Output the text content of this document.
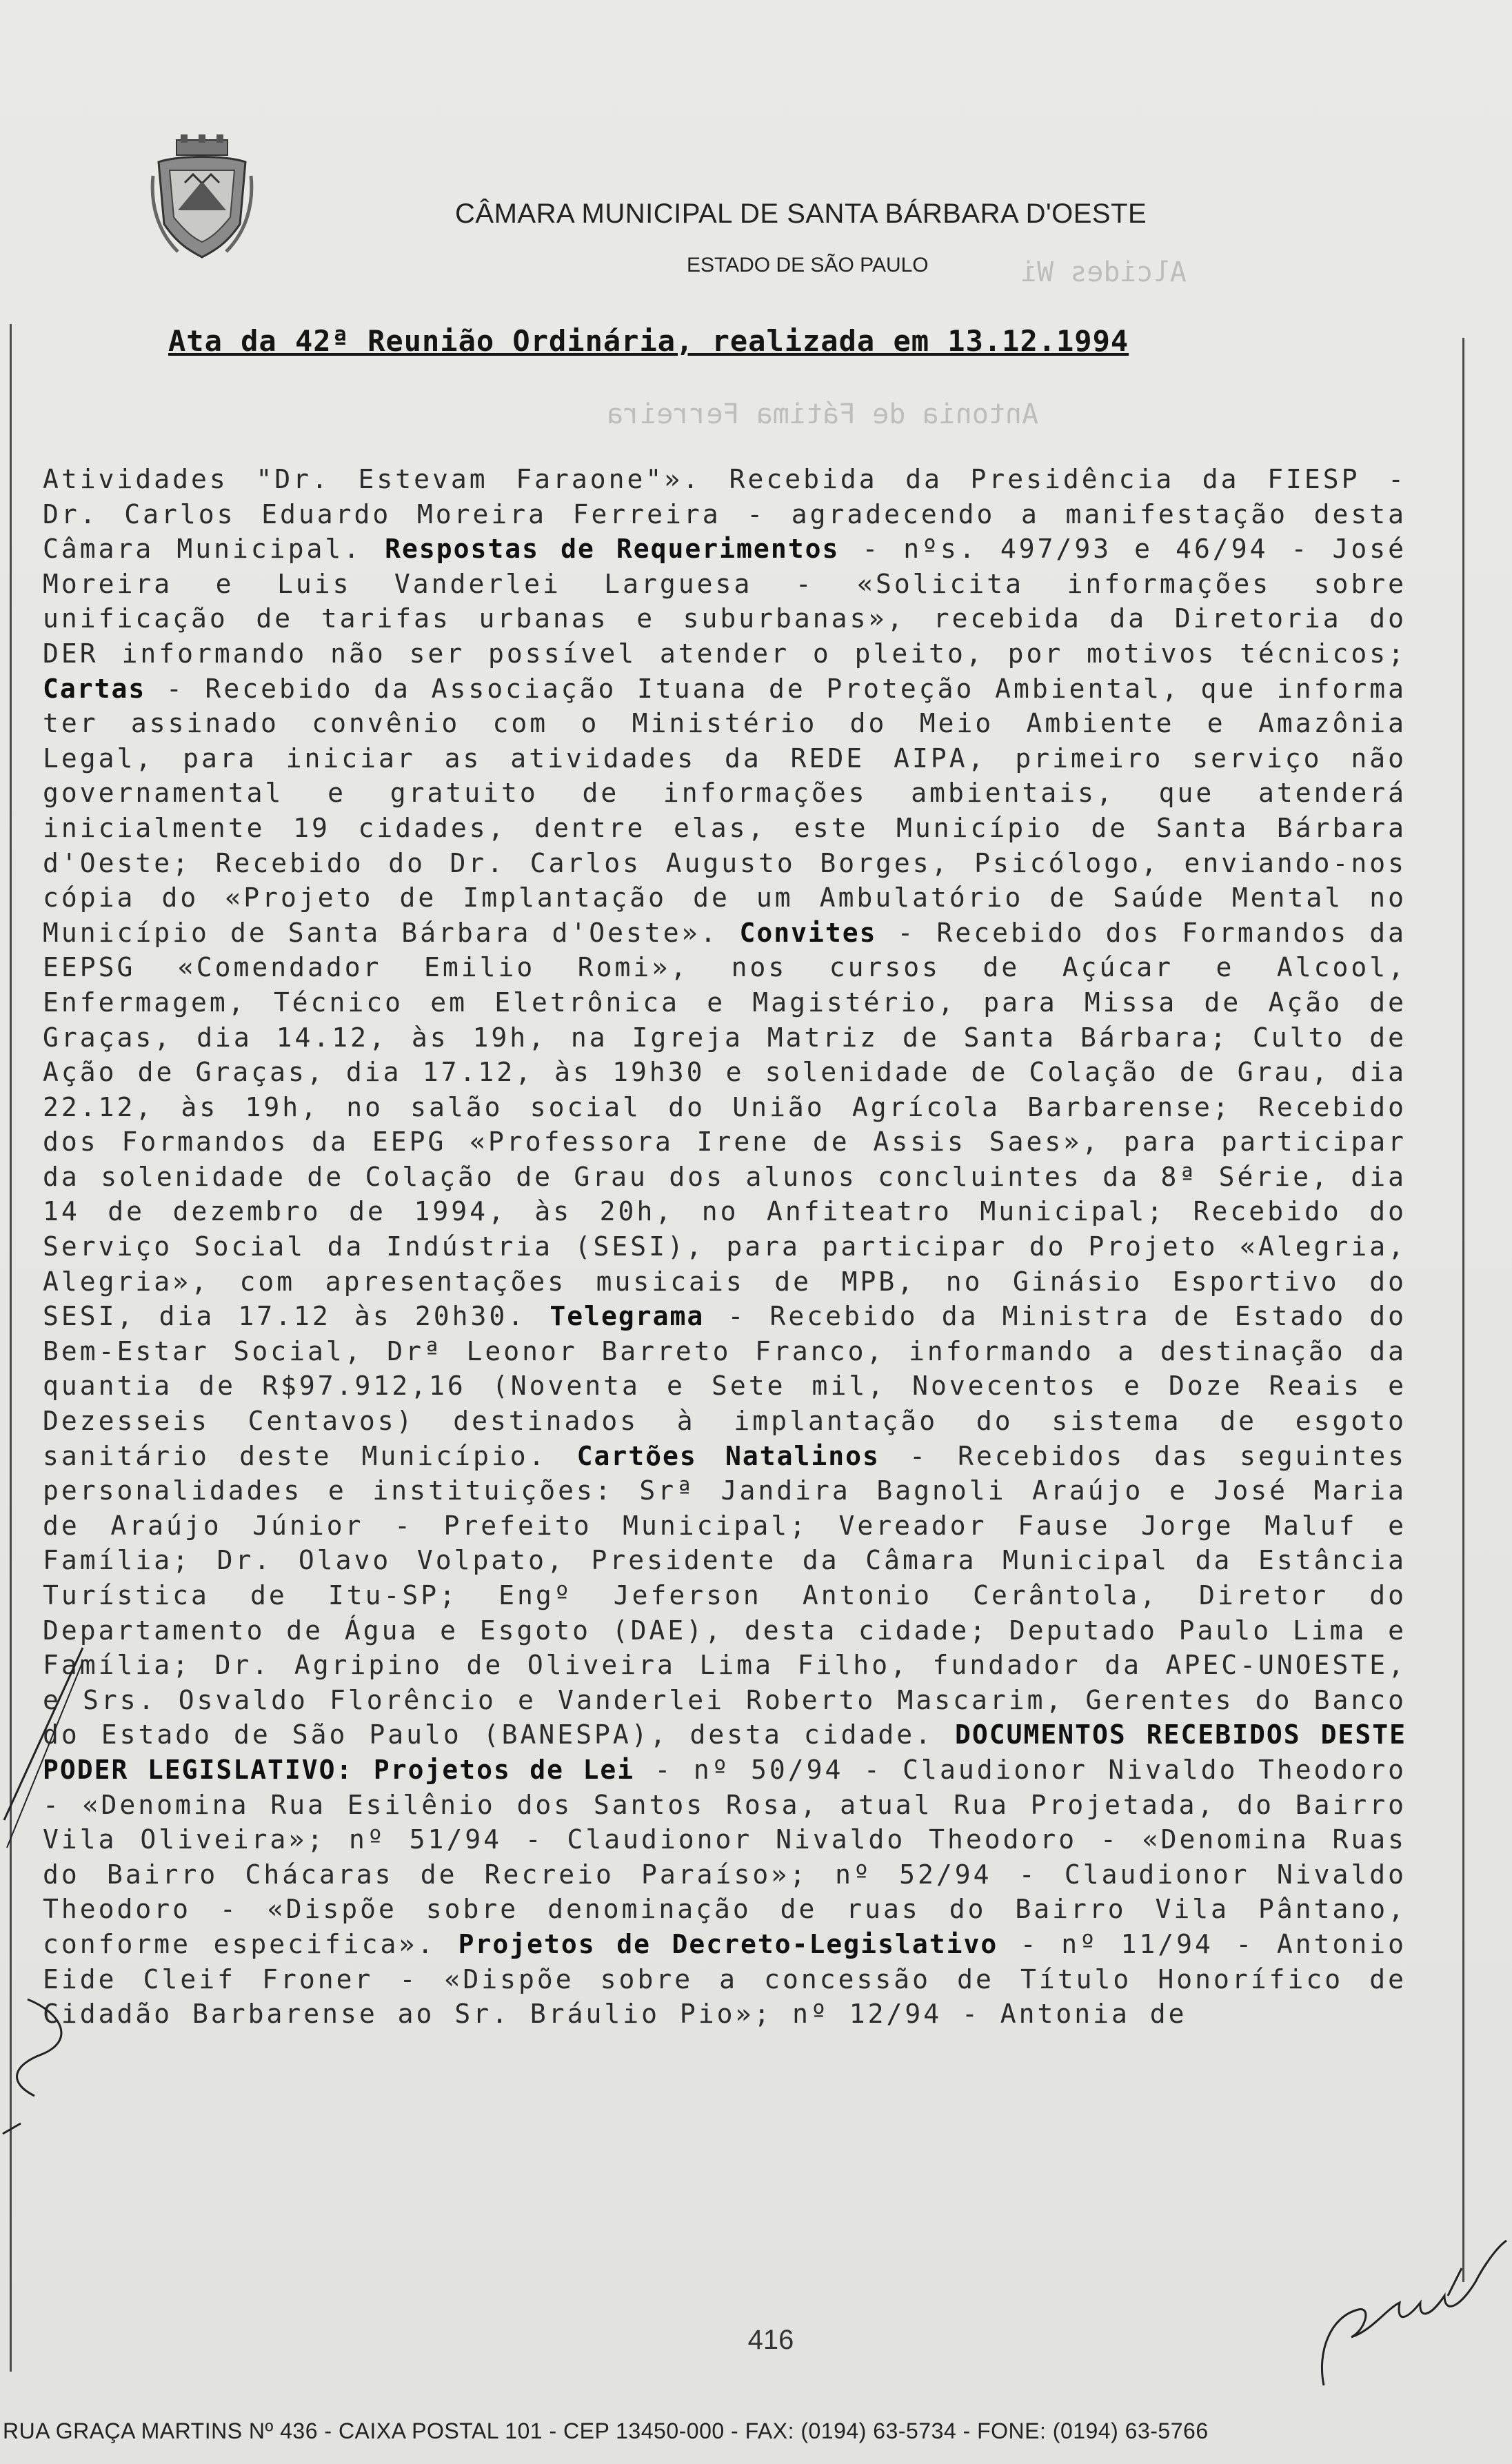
CÂMARA MUNICIPAL DE SANTA BÁRBARA D'OESTE
ESTADO DE SÃO PAULO	Alcides Wi
Antonia de Fátima Ferreira
Ata da 42ª Reunião Ordinária, realizada em 13.12.1994
Atividades "Dr. Estevam Faraone"». Recebida da Presidência da FIESP - Dr. Carlos Eduardo Moreira Ferreira - agradecendo a manifestação desta Câmara Municipal. Respostas de Requerimentos - nºs. 497/93 e 46/94 - José Moreira e Luis Vanderlei Larguesa - «Solicita informações sobre unificação de tarifas urbanas e suburbanas», recebida da Diretoria do DER informando não ser possível atender o pleito, por motivos técnicos; Cartas - Recebido da Associação Ituana de Proteção Ambiental, que informa ter assinado convênio com o Ministério do Meio Ambiente e Amazônia Legal, para iniciar as atividades da REDE AIPA, primeiro serviço não governamental e gratuito de informações ambientais, que atenderá inicialmente 19 cidades, dentre elas, este Município de Santa Bárbara d'Oeste; Recebido do Dr. Carlos Augusto Borges, Psicólogo, enviando-nos cópia do «Projeto de Implantação de um Ambulatório de Saúde Mental no Município de Santa Bárbara d'Oeste». Convites - Recebido dos Formandos da EEPSG «Comendador Emilio Romi», nos cursos de Açúcar e Alcool, Enfermagem, Técnico em Eletrônica e Magistério, para Missa de Ação de Graças, dia 14.12, às 19h, na Igreja Matriz de Santa Bárbara; Culto de Ação de Graças, dia 17.12, às 19h30 e solenidade de Colação de Grau, dia 22.12, às 19h, no salão social do União Agrícola Barbarense; Recebido dos Formandos da EEPG «Professora Irene de Assis Saes», para participar da solenidade de Colação de Grau dos alunos concluintes da 8ª Série, dia 14 de dezembro de 1994, às 20h, no Anfiteatro Municipal; Recebido do Serviço Social da Indústria (SESI), para participar do Projeto «Alegria, Alegria», com apresentações musicais de MPB, no Ginásio Esportivo do SESI, dia 17.12 às 20h30. Telegrama - Recebido da Ministra de Estado do Bem-Estar Social, Drª Leonor Barreto Franco, informando a destinação da quantia de R$97.912,16 (Noventa e Sete mil, Novecentos e Doze Reais e Dezesseis Centavos) destinados à implantação do sistema de esgoto sanitário deste Município. Cartões Natalinos - Recebidos das seguintes personalidades e instituições: Srª Jandira Bagnoli Araújo e José Maria de Araújo Júnior - Prefeito Municipal; Vereador Fause Jorge Maluf e Família; Dr. Olavo Volpato, Presidente da Câmara Municipal da Estância Turística de Itu-SP; Engº Jeferson Antonio Cerântola, Diretor do Departamento de Água e Esgoto (DAE), desta cidade; Deputado Paulo Lima e Família; Dr. Agripino de Oliveira Lima Filho, fundador da APEC-UNOESTE, e Srs. Osvaldo Florêncio e Vanderlei Roberto Mascarim, Gerentes do Banco do Estado de São Paulo (BANESPA), desta cidade. DOCUMENTOS RECEBIDOS DESTE PODER LEGISLATIVO: Projetos de Lei - nº 50/94 - Claudionor Nivaldo Theodoro - «Denomina Rua Esilênio dos Santos Rosa, atual Rua Projetada, do Bairro Vila Oliveira»; nº 51/94 - Claudionor Nivaldo Theodoro - «Denomina Ruas do Bairro Chácaras de Recreio Paraíso»; nº 52/94 - Claudionor Nivaldo Theodoro - «Dispõe sobre denominação de ruas do Bairro Vila Pântano, conforme especifica». Projetos de Decreto-Legislativo - nº 11/94 - Antonio Eide Cleif Froner - «Dispõe sobre a concessão de Título Honorífico de Cidadão Barbarense ao Sr. Bráulio Pio»; nº 12/94 - Antonia de
416
RUA GRAÇA MARTINS Nº 436 - CAIXA POSTAL 101 - CEP 13450-000 - FAX: (0194) 63-5734 - FONE: (0194) 63-5766
